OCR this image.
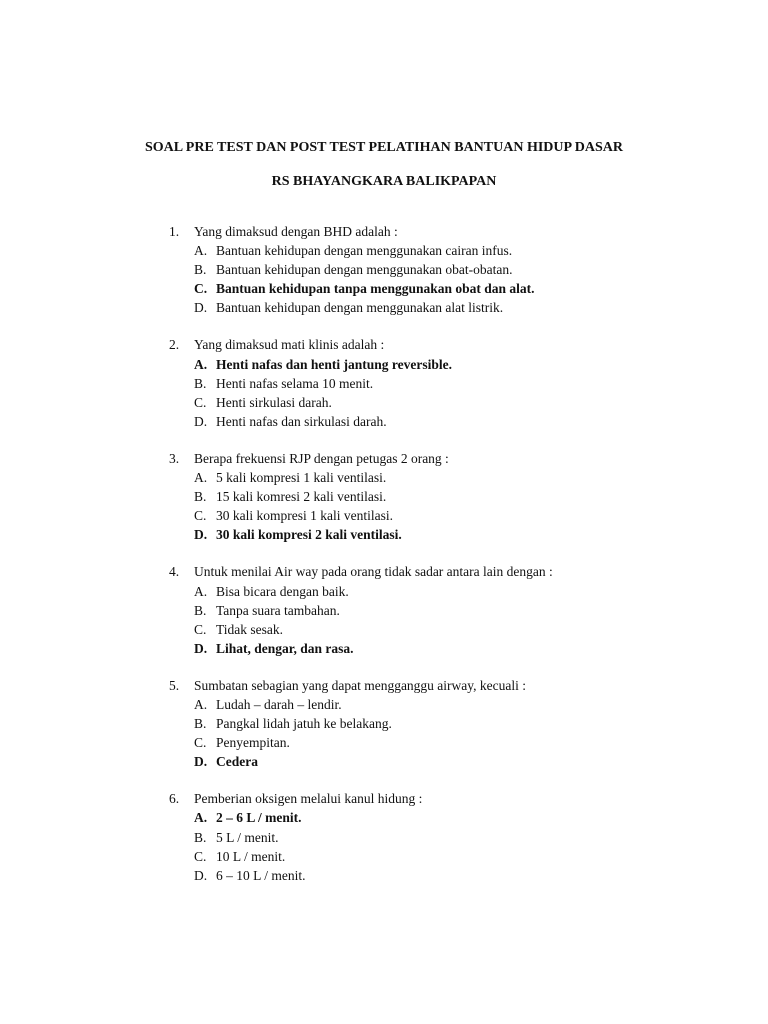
SOAL PRE TEST DAN POST TEST PELATIHAN BANTUAN HIDUP DASAR
RS BHAYANGKARA BALIKPAPAN
1. Yang dimaksud dengan BHD adalah :
A. Bantuan kehidupan dengan menggunakan cairan infus.
B. Bantuan kehidupan dengan menggunakan obat-obatan.
C. Bantuan kehidupan tanpa menggunakan obat dan alat.
D. Bantuan kehidupan dengan menggunakan alat listrik.
2. Yang dimaksud mati klinis adalah :
A. Henti nafas dan henti jantung reversible.
B. Henti nafas selama 10 menit.
C. Henti sirkulasi darah.
D. Henti nafas dan sirkulasi darah.
3. Berapa frekuensi RJP dengan petugas 2 orang :
A. 5 kali kompresi 1 kali ventilasi.
B. 15 kali komresi 2 kali ventilasi.
C. 30 kali kompresi 1 kali ventilasi.
D. 30 kali kompresi 2 kali ventilasi.
4. Untuk menilai Air way pada orang tidak sadar antara lain dengan :
A. Bisa bicara dengan baik.
B. Tanpa suara tambahan.
C. Tidak sesak.
D. Lihat, dengar, dan rasa.
5. Sumbatan sebagian yang dapat mengganggu airway, kecuali :
A. Ludah – darah – lendir.
B. Pangkal lidah jatuh ke belakang.
C. Penyempitan.
D. Cedera
6. Pemberian oksigen melalui kanul hidung :
A. 2 – 6 L / menit.
B. 5 L / menit.
C. 10 L / menit.
D. 6 – 10 L / menit.
